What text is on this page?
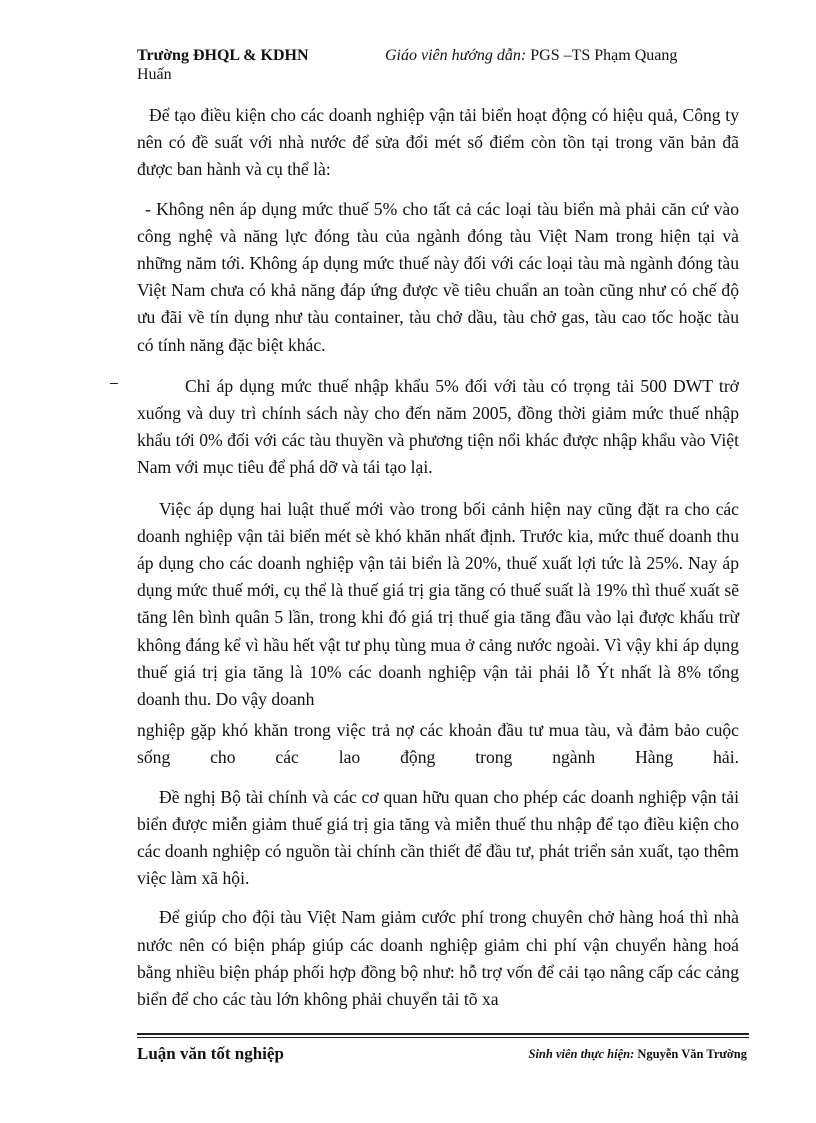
Trường ĐHQL & KDHN	Giáo viên hướng dẫn: PGS –TS Phạm Quang
Huấn

Để tạo điều kiện cho các doanh nghiệp vận tải biển hoạt động có hiệu quả, Công ty nên có đề suất với nhà nước để sửa đổi mét số điểm còn tồn tại trong văn bản đã được ban hành và cụ thể là:

- Không nên áp dụng mức thuế 5% cho tất cả các loại tàu biển mà phải căn cứ vào công nghệ và năng lực đóng tàu của ngành đóng tàu Việt Nam trong hiện tại và những năm tới. Không áp dụng mức thuế này đối với các loại tàu mà ngành đóng tàu Việt Nam chưa có khả năng đáp ứng được về tiêu chuẩn an toàn cũng như có chế độ ưu đãi về tín dụng như tàu container, tàu chở dầu, tàu chở gas, tàu cao tốc hoặc tàu có tính năng đặc biệt khác.

Chỉ áp dụng mức thuế nhập khẩu 5% đối với tàu có trọng tải 500 DWT trở xuống và duy trì chính sách này cho đến năm 2005, đồng thời giảm mức thuế nhập khẩu tới 0% đối với các tàu thuyền và phương tiện nổi khác được nhập khẩu vào Việt Nam với mục tiêu để phá dỡ và tái tạo lại.

Việc áp dụng hai luật thuế mới vào trong bối cảnh hiện nay cũng đặt ra cho các doanh nghiệp vận tải biển mét sè khó khăn nhất định. Trước kia, mức thuế doanh thu áp dụng cho các doanh nghiệp vận tải biển là 20%, thuế xuất lợi tức là 25%. Nay áp dụng mức thuế mới, cụ thể là thuế giá trị gia tăng có thuế suất là 19% thì thuế xuất sẽ tăng lên bình quân 5 lần, trong khi đó giá trị thuế gia tăng đầu vào lại được khấu trừ không đáng kể vì hầu hết vật tư phụ tùng mua ở cảng nước ngoài. Vì vậy khi áp dụng thuế giá trị gia tăng là 10% các doanh nghiệp vận tải phải lỗ Ýt nhất là 8% tổng doanh thu. Do vậy doanh

nghiệp gặp khó khăn trong việc trả nợ các khoản đầu tư mua tàu, và đảm bảo cuộc sống cho các lao động trong ngành Hàng hải.

Đề nghị Bộ tài chính và các cơ quan hữu quan cho phép các doanh nghiệp vận tải biển được miễn giảm thuế giá trị gia tăng và miễn thuế thu nhập để tạo điều kiện cho các doanh nghiệp có nguồn tài chính cần thiết để đầu tư, phát triển sản xuất, tạo thêm việc làm xã hội.

Để giúp cho đội tàu Việt Nam giảm cước phí trong chuyên chở hàng hoá thì nhà nước nên có biện pháp giúp các doanh nghiệp giảm chi phí vận chuyển hàng hoá bằng nhiều biện pháp phối hợp đồng bộ như: hỗ trợ vốn để cải tạo nâng cấp các cảng biển để cho các tàu lớn không phải chuyển tải tõ xa

Luận văn tốt nghiệp	Sinh viên thực hiện: Nguyễn Văn Trường
